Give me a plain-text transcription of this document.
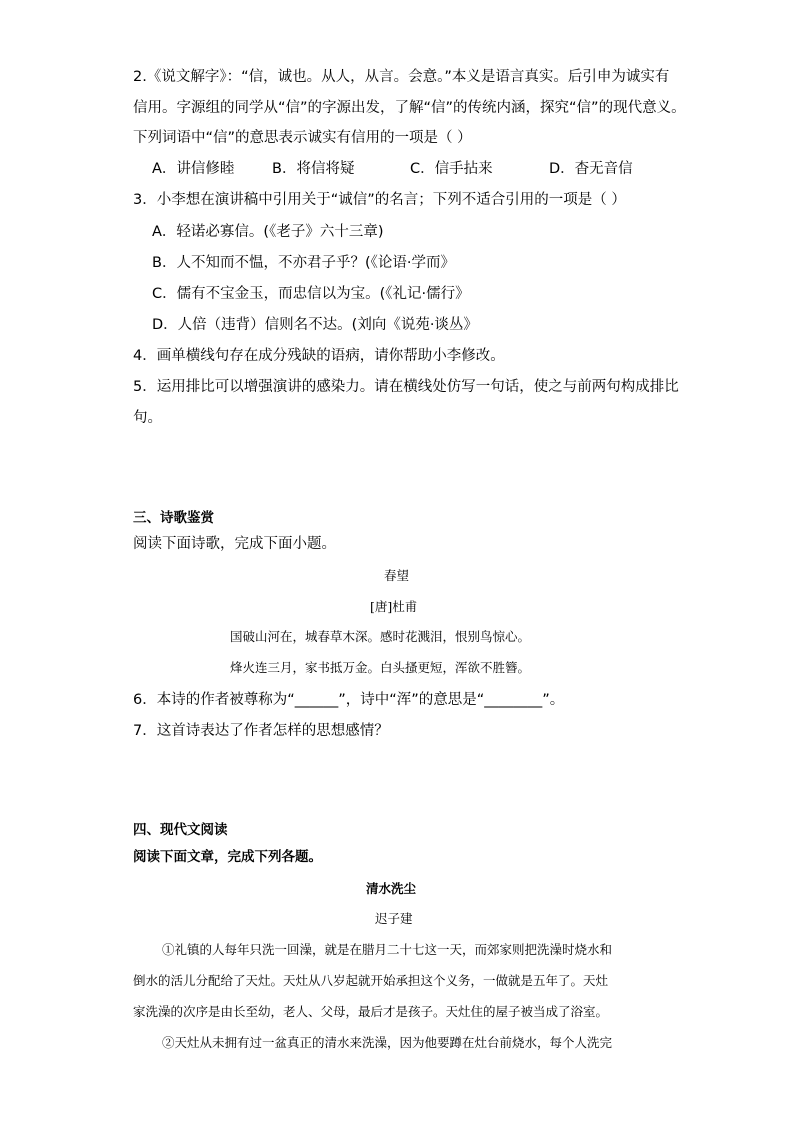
2.《说文解字》：“信，诚也。从人，从言。会意。”本义是语言真实。后引申为诚实有
信用。字源组的同学从“信”的字源出发，了解“信”的传统内涵，探究“信”的现代意义。
下列词语中“信”的意思表示诚实有信用的一项是（ ）
A．讲信修睦	B．将信将疑	C．信手拈来	D．杳无音信
3．小李想在演讲稿中引用关于“诚信”的名言；下列不适合引用的一项是（ ）
A．轻诺必寡信。(《老子》六十三章)
B．人不知而不愠，不亦君子乎？(《论语·学而》
C．儒有不宝金玉，而忠信以为宝。(《礼记·儒行》
D．人倍（违背）信则名不达。(刘向《说苑·谈丛》
4．画单横线句存在成分残缺的语病，请你帮助小李修改。
5．运用排比可以增强演讲的感染力。请在横线处仿写一句话，使之与前两句构成排比
句。
三、诗歌鉴赏
阅读下面诗歌，完成下面小题。
春望
[唐]杜甫
国破山河在，城春草木深。感时花溅泪，恨别鸟惊心。
烽火连三月，家书抵万金。白头搔更短，浑欲不胜簪。
6．本诗的作者被尊称为“______”，诗中“浑”的意思是“________”。
7．这首诗表达了作者怎样的思想感情？
四、现代文阅读
阅读下面文章，完成下列各题。
清水洗尘
迟子建
①礼镇的人每年只洗一回澡，就是在腊月二十七这一天，而郊家则把洗澡时烧水和
倒水的活儿分配给了天灶。天灶从八岁起就开始承担这个义务，一做就是五年了。天灶
家洗澡的次序是由长至幼，老人、父母，最后才是孩子。天灶住的屋子被当成了浴室。
②天灶从未拥有过一盆真正的清水来洗澡，因为他要蹲在灶台前烧水，每个人洗完
